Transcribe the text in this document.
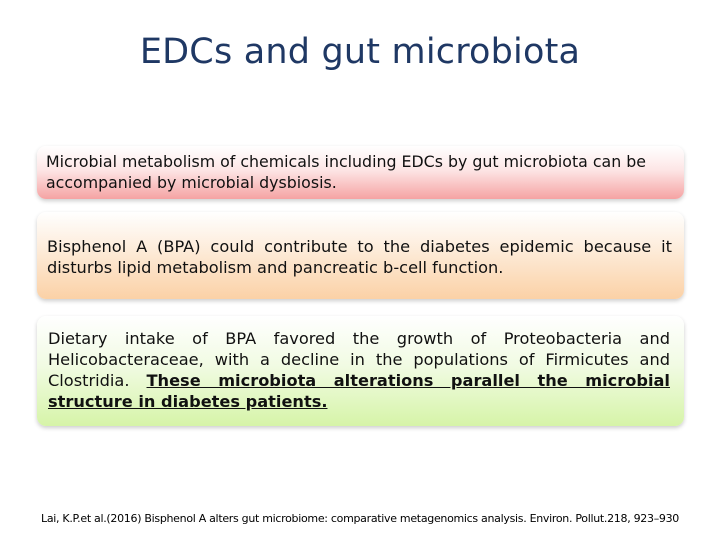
EDCs and gut microbiota

Microbial metabolism of chemicals including EDCs by gut microbiota can be accompanied by microbial dysbiosis.

Bisphenol A (BPA) could contribute to the diabetes epidemic because it disturbs lipid metabolism and pancreatic b-cell function.

Dietary intake of BPA favored the growth of Proteobacteria and Helicobacteraceae, with a decline in the populations of Firmicutes and Clostridia. These microbiota alterations parallel the microbial structure in diabetes patients.

Lai, K.P.et al.(2016) Bisphenol A alters gut microbiome: comparative metagenomics analysis. Environ. Pollut.218, 923–930
